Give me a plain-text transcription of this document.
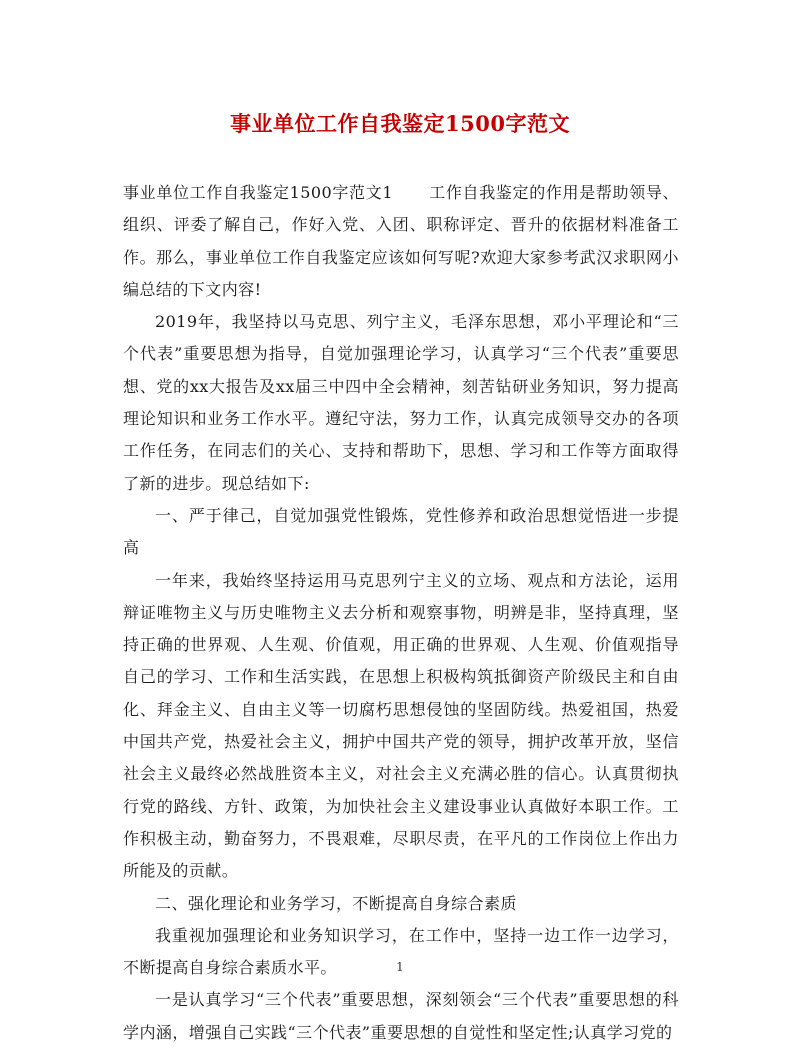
事业单位工作自我鉴定1500字范文

事业单位工作自我鉴定1500字范文1 工作自我鉴定的作用是帮助领导、组织、评委了解自己，作好入党、入团、职称评定、晋升的依据材料准备工作。那么，事业单位工作自我鉴定应该如何写呢?欢迎大家参考武汉求职网小编总结的下文内容!

2019年，我坚持以马克思、列宁主义，毛泽东思想，邓小平理论和“三个代表”重要思想为指导，自觉加强理论学习，认真学习“三个代表”重要思想、党的xx大报告及xx届三中四中全会精神，刻苦钻研业务知识，努力提高理论知识和业务工作水平。遵纪守法，努力工作，认真完成领导交办的各项工作任务，在同志们的关心、支持和帮助下，思想、学习和工作等方面取得了新的进步。现总结如下:

一、严于律己，自觉加强党性锻炼，党性修养和政治思想觉悟进一步提高

一年来，我始终坚持运用马克思列宁主义的立场、观点和方法论，运用辩证唯物主义与历史唯物主义去分析和观察事物，明辨是非，坚持真理，坚持正确的世界观、人生观、价值观，用正确的世界观、人生观、价值观指导自己的学习、工作和生活实践，在思想上积极构筑抵御资产阶级民主和自由化、拜金主义、自由主义等一切腐朽思想侵蚀的坚固防线。热爱祖国，热爱中国共产党，热爱社会主义，拥护中国共产党的领导，拥护改革开放，坚信社会主义最终必然战胜资本主义，对社会主义充满必胜的信心。认真贯彻执行党的路线、方针、政策，为加快社会主义建设事业认真做好本职工作。工作积极主动，勤奋努力，不畏艰难，尽职尽责，在平凡的工作岗位上作出力所能及的贡献。

二、强化理论和业务学习，不断提高自身综合素质

我重视加强理论和业务知识学习，在工作中，坚持一边工作一边学习，不断提高自身综合素质水平。

一是认真学习“三个代表”重要思想，深刻领会“三个代表”重要思想的科学内涵，增强自己实践“三个代表”重要思想的自觉性和坚定性;认真学习党的

1
